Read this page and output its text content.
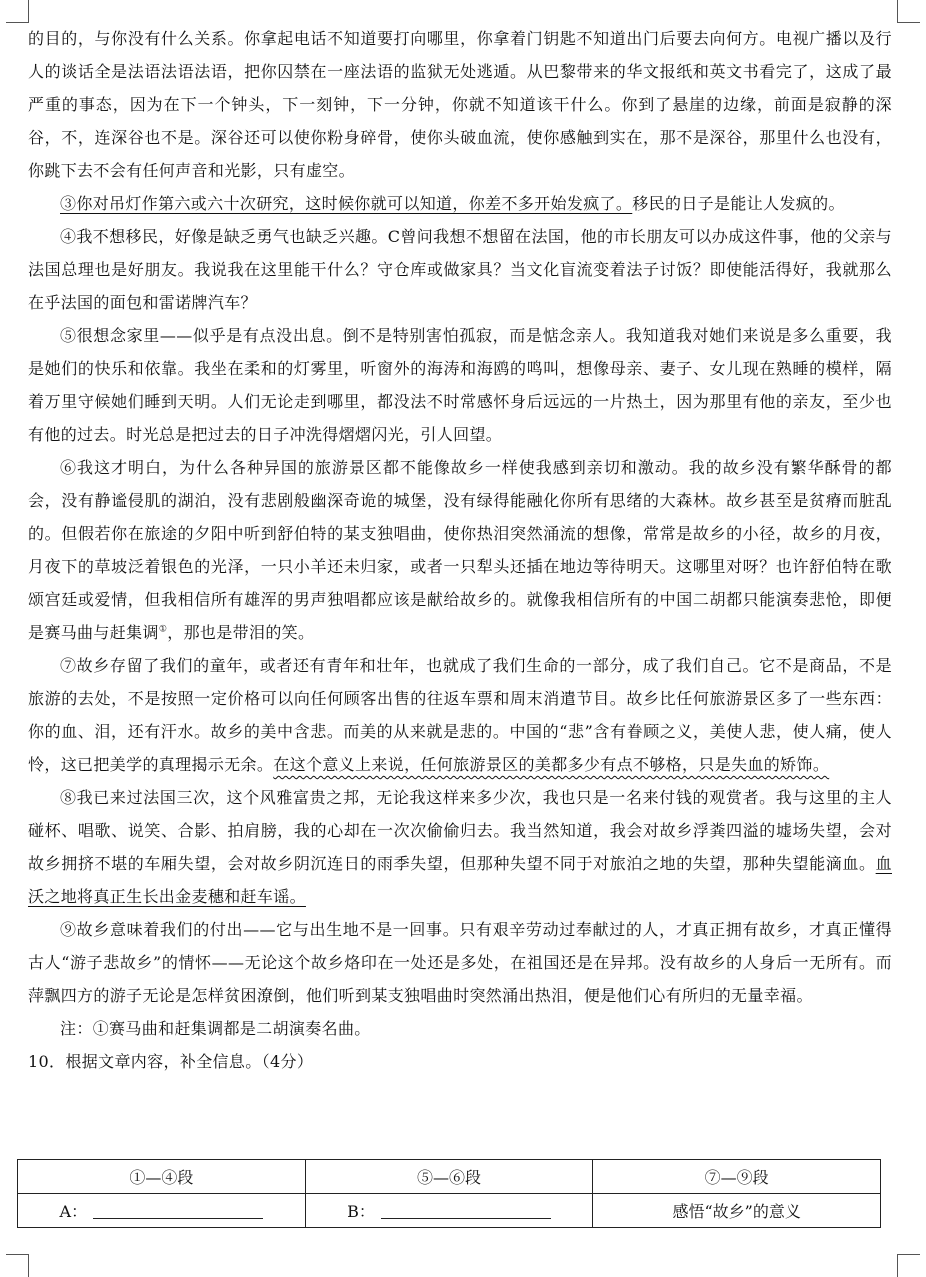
的目的，与你没有什么关系。你拿起电话不知道要打向哪里，你拿着门钥匙不知道出门后要去向何方。电视广播以及行人的谈话全是法语法语法语，把你囚禁在一座法语的监狱无处逃遁。从巴黎带来的华文报纸和英文书看完了，这成了最严重的事态，因为在下一个钟头，下一刻钟，下一分钟，你就不知道该干什么。你到了悬崖的边缘，前面是寂静的深谷，不，连深谷也不是。深谷还可以使你粉身碎骨，使你头破血流，使你感触到实在，那不是深谷，那里什么也没有，你跳下去不会有任何声音和光影，只有虚空。

③你对吊灯作第六或六十次研究，这时候你就可以知道，你差不多开始发疯了。移民的日子是能让人发疯的。

④我不想移民，好像是缺乏勇气也缺乏兴趣。C曾问我想不想留在法国，他的市长朋友可以办成这件事，他的父亲与法国总理也是好朋友。我说我在这里能干什么？守仓库或做家具？当文化盲流变着法子讨饭？即使能活得好，我就那么在乎法国的面包和雷诺牌汽车？

⑤很想念家里——似乎是有点没出息。倒不是特别害怕孤寂，而是惦念亲人。我知道我对她们来说是多么重要，我是她们的快乐和依靠。我坐在柔和的灯雾里，听窗外的海涛和海鸥的鸣叫，想像母亲、妻子、女儿现在熟睡的模样，隔着万里守候她们睡到天明。人们无论走到哪里，都没法不时常感怀身后远远的一片热土，因为那里有他的亲友，至少也有他的过去。时光总是把过去的日子冲洗得熠熠闪光，引人回望。

⑥我这才明白，为什么各种异国的旅游景区都不能像故乡一样使我感到亲切和激动。我的故乡没有繁华酥骨的都会，没有静谧侵肌的湖泊，没有悲剧般幽深奇诡的城堡，没有绿得能融化你所有思绪的大森林。故乡甚至是贫瘠而脏乱的。但假若你在旅途的夕阳中听到舒伯特的某支独唱曲，使你热泪突然涌流的想像，常常是故乡的小径，故乡的月夜，月夜下的草坡泛着银色的光泽，一只小羊还未归家，或者一只犁头还插在地边等待明天。这哪里对呀？也许舒伯特在歌颂宫廷或爱情，但我相信所有雄浑的男声独唱都应该是献给故乡的。就像我相信所有的中国二胡都只能演奏悲怆，即便是赛马曲与赶集调①，那也是带泪的笑。

⑦故乡存留了我们的童年，或者还有青年和壮年，也就成了我们生命的一部分，成了我们自己。它不是商品，不是旅游的去处，不是按照一定价格可以向任何顾客出售的往返车票和周末消遣节目。故乡比任何旅游景区多了一些东西：你的血、泪，还有汗水。故乡的美中含悲。而美的从来就是悲的。中国的“悲”含有眷顾之义，美使人悲，使人痛，使人怜，这已把美学的真理揭示无余。在这个意义上来说，任何旅游景区的美都多少有点不够格，只是失血的矫饰。

⑧我已来过法国三次，这个风雅富贵之邦，无论我这样来多少次，我也只是一名来付钱的观赏者。我与这里的主人碰杯、唱歌、说笑、合影、拍肩膀，我的心却在一次次偷偷归去。我当然知道，我会对故乡浮粪四溢的墟场失望，会对故乡拥挤不堪的车厢失望，会对故乡阴沉连日的雨季失望，但那种失望不同于对旅泊之地的失望，那种失望能滴血。血沃之地将真正生长出金麦穗和赶车谣。

⑨故乡意味着我们的付出——它与出生地不是一回事。只有艰辛劳动过奉献过的人，才真正拥有故乡，才真正懂得古人“游子悲故乡”的情怀——无论这个故乡烙印在一处还是多处，在祖国还是在异邦。没有故乡的人身后一无所有。而萍飘四方的游子无论是怎样贫困潦倒，他们听到某支独唱曲时突然涌出热泪，便是他们心有所归的无量幸福。

注：①赛马曲和赶集调都是二胡演奏名曲。

10．根据文章内容，补全信息。（4分）

①—④段	⑤—⑥段	⑦—⑨段
A：	B：	感悟“故乡”的意义
